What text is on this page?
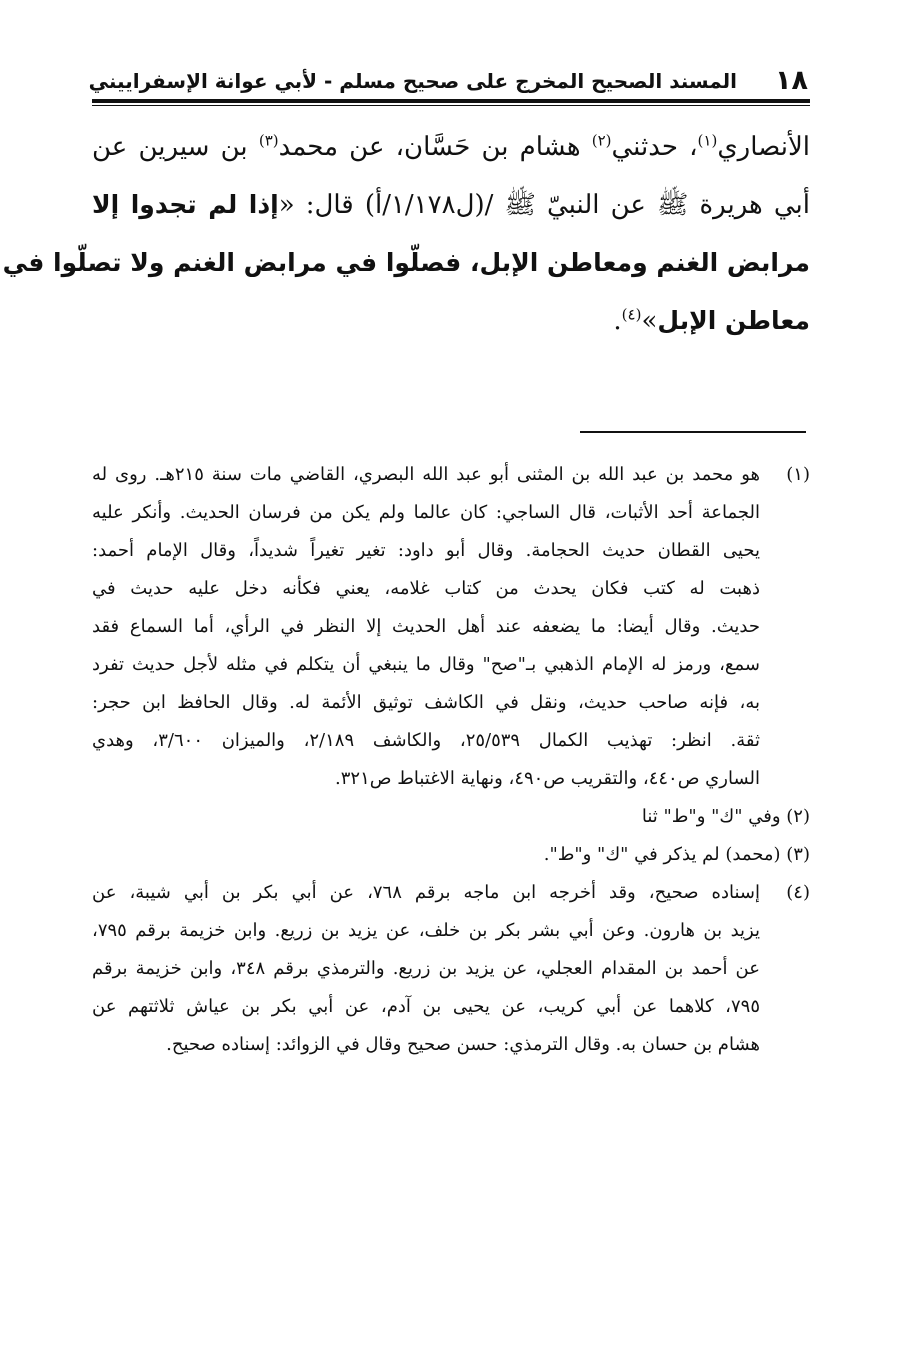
١٨
المسند الصحيح المخرج على صحيح مسلم - لأبي عوانة الإسفراييني
الأنصاري$^{(١)}$، حدثني$^{(٢)}$ هشام بن حَسَّان، عن محمد$^{(٣)}$ بن سيرين عن
أبي هريرة ﷺ عن النبيّ ﷺ /(ل١/١٧٨/أ) قال: «إذا لم تجدوا إلا
مرابض الغنم ومعاطن الإبل، فصلّوا في مرابض الغنم ولا تصلّوا في
معاطن الإبل»$^{(٤)}$.
(١)
هو محمد بن عبد الله بن المثنى أبو عبد الله البصري، القاضي مات سنة ٢١٥هـ. روى له
الجماعة أحد الأثبات، قال الساجي: كان عالما ولم يكن من فرسان الحديث. وأنكر عليه
يحيى القطان حديث الحجامة. وقال أبو داود: تغير تغيراً شديداً، وقال الإمام أحمد:
ذهبت له كتب فكان يحدث من كتاب غلامه، يعني فكأنه دخل عليه حديث في
حديث. وقال أيضا: ما يضعفه عند أهل الحديث إلا النظر في الرأي، أما السماع فقد
سمع، ورمز له الإمام الذهبي بـ"صح" وقال ما ينبغي أن يتكلم في مثله لأجل حديث تفرد
به، فإنه صاحب حديث، ونقل في الكاشف توثيق الأئمة له. وقال الحافظ ابن حجر:
ثقة. انظر: تهذيب الكمال ٢٥/٥٣٩، والكاشف ٢/١٨٩، والميزان ٣/٦٠٠، وهدي
الساري ص٤٤٠، والتقريب ص٤٩٠، ونهاية الاغتباط ص٣٢١.
(٢) وفي "ك" و"ط" ثنا
(٣) (محمد) لم يذكر في "ك" و"ط".
(٤)
إسناده صحيح، وقد أخرجه ابن ماجه برقم ٧٦٨، عن أبي بكر بن أبي شيبة، عن
يزيد بن هارون. وعن أبي بشر بكر بن خلف، عن يزيد بن زريع. وابن خزيمة برقم ٧٩٥،
عن أحمد بن المقدام العجلي، عن يزيد بن زريع. والترمذي برقم ٣٤٨، وابن خزيمة برقم
٧٩٥، كلاهما عن أبي كريب، عن يحيى بن آدم، عن أبي بكر بن عياش ثلاثتهم عن
هشام بن حسان به. وقال الترمذي: حسن صحيح وقال في الزوائد: إسناده صحيح.
